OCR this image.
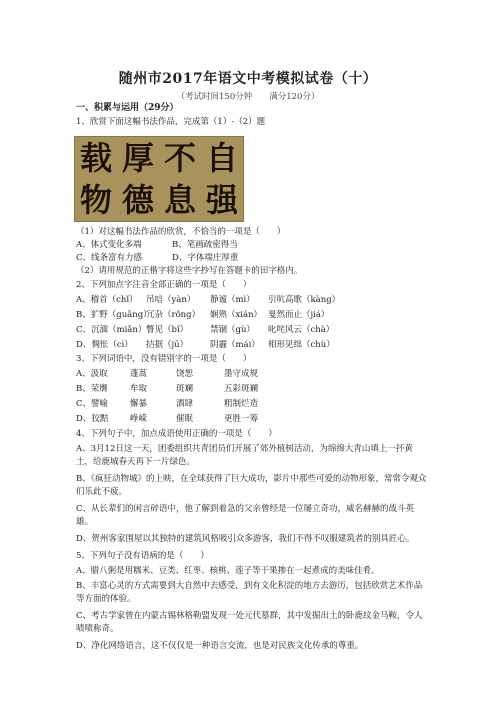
随州市2017年语文中考模拟试卷（十）
（考试时间150分钟　　满分120分）
一、积累与运用（29分）
1、欣赏下面这幅书法作品，完成第（1）-（2）题
载 厚 不 自
物 德 息 强
（1）对这幅书法作品的欣赏，不恰当的一项是（　　）
A、体式变化多端	B、笔画疏密得当
C、线条富有力感	D、字体端庄厚重
（2）请用规范的正楷字将这些字抄写在答题卡的田字格内。
2、下列加点字注音全部正确的一项是（　　）
A、稽首（chǐ） 吊唁（yàn） 静谧（mì） 引吭高歌（kàng）
B、犷野（guǎng）冗杂（rǒng） 娴熟（xián） 戛然而止（jiá）
C、沉湎（miǎn）瞥见（bǐ）	禁锢（gù） 叱咤风云（chà）
D、惆怅（cì） 拮据（jū）	阴霾（mái） 相形见绌（chù）
3、下列词语中，没有错别字的一项是（　　）
A、汲取	蓬蒿	饶恕	墨守成规
B、荣膺	牟取	斑斓	五彩斑斓
C、譬喻	懈暴	酒肆	粗制烂造
D、狡黠	峥嵘	催眠	更胜一筹
4、下列句子中，加点成语使用正确的一项是（　　）
A、3月12日这一天，团委组织共青团员们开展了郊外植树活动，为绵绵大青山填上一抔黄土，给鹿城春天再下一片绿色。
B、《疯狂动物城》的上映，在全球获得了巨大成功，影片中那些可爱的动物形象，常常令观众们乐此不疲。
C、从长辈们的闲言碎语中，他了解到着急的父亲曾经是一位屡立奇功，威名赫赫的战斗英雄。
D、贺州客家围屋以其独特的建筑风格吸引众多游客，我们不得不叹服建筑者的别具匠心。
5、下列句子没有语病的是（　　）
A、腊八粥是用糯米、豆类、红枣、核桃、莲子等干果掺在一起煮成的美味佳肴。
B、丰富心灵的方式需要到大自然中去感受，到有文化积淀的地方去游历，包括欣赏艺术作品等方面的体验。
C、考古学家曾在内蒙古锡林格勒盟发现一处元代墓群，其中发掘出土的卧鹿纹金马鞍，令人啧啧称奇。
D、净化网络语言，这不仅仅是一种语言交流，也是对民族文化传承的尊重。
